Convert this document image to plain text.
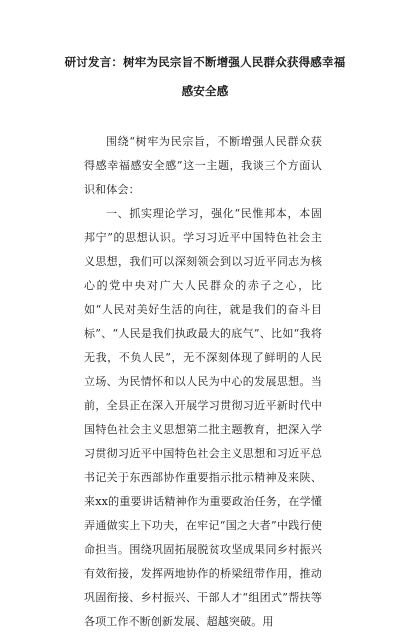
研讨发言：树牢为民宗旨不断增强人民群众获得感幸福感安全感

围绕“树牢为民宗旨，不断增强人民群众获得感幸福感安全感”这一主题，我谈三个方面认识和体会：

一、抓实理论学习，强化“民惟邦本，本固邦宁”的思想认识。学习习近平中国特色社会主义思想，我们可以深刻领会到以习近平同志为核心的党中央对广大人民群众的赤子之心，比如“人民对美好生活的向往，就是我们的奋斗目标”、“人民是我们执政最大的底气”、比如“我将无我，不负人民”，无不深刻体现了鲜明的人民立场、为民情怀和以人民为中心的发展思想。当前，全县正在深入开展学习贯彻习近平新时代中国特色社会主义思想第二批主题教育，把深入学习贯彻习近平中国特色社会主义思想和习近平总书记关于东西部协作重要指示批示精神及来陕、来xx的重要讲话精神作为重要政治任务，在学懂弄通做实上下功夫，在牢记“国之大者”中践行使命担当。围绕巩固拓展脱贫攻坚成果同乡村振兴有效衔接，发挥两地协作的桥梁纽带作用，推动巩固衔接、乡村振兴、干部人才“组团式”帮扶等各项工作不断创新发展、超越突破。用
